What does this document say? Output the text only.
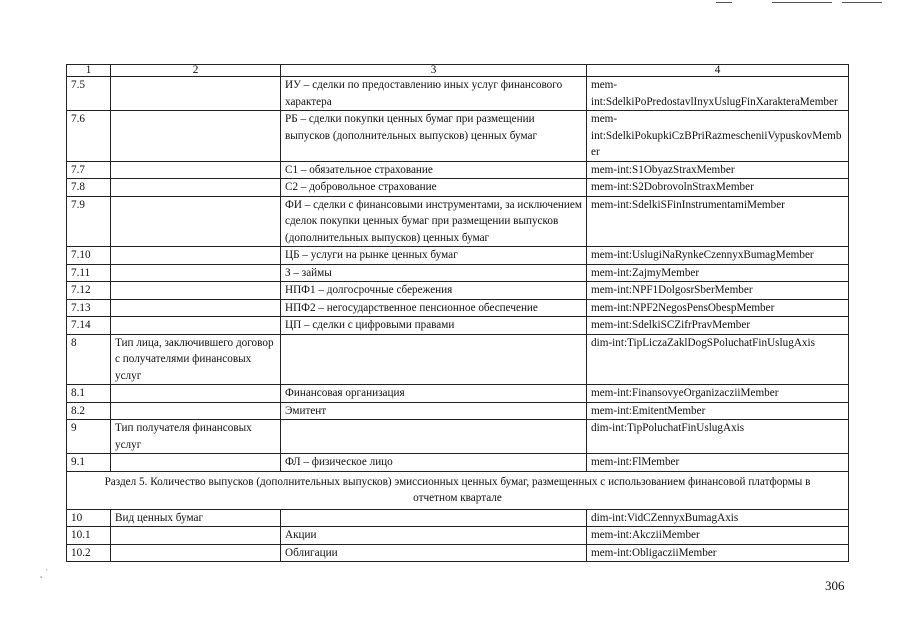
1	2	3	4
7.5		ИУ – сделки по предоставлению иных услуг финансового характера	mem-int:SdelkiPoPredostavlInyxUslugFinXarakteraMember
7.6		РБ – сделки покупки ценных бумаг при размещении выпусков (дополнительных выпусков) ценных бумаг	mem-int:SdelkiPokupkiCzBPriRazmescheniiVypuskovMember
7.7		С1 – обязательное страхование	mem-int:S1ObyazStraxMember
7.8		С2 – добровольное страхование	mem-int:S2DobrovolnStraxMember
7.9		ФИ – сделки с финансовыми инструментами, за исключением сделок покупки ценных бумаг при размещении выпусков (дополнительных выпусков) ценных бумаг	mem-int:SdelkiSFinInstrumentamiMember
7.10		ЦБ – услуги на рынке ценных бумаг	mem-int:UslugiNaRynkeCzennyxBumagMember
7.11		З – займы	mem-int:ZajmyMember
7.12		НПФ1 – долгосрочные сбережения	mem-int:NPF1DolgosrSberMember
7.13		НПФ2 – негосударственное пенсионное обеспечение	mem-int:NPF2NegosPensObespMember
7.14		ЦП – сделки с цифровыми правами	mem-int:SdelkiSCZifrPravMember
8	Тип лица, заключившего договор с получателями финансовых услуг		dim-int:TipLiczaZaklDogSPoluchatFinUslugAxis
8.1		Финансовая организация	mem-int:FinansovyeOrganizacziiMember
8.2		Эмитент	mem-int:EmitentMember
9	Тип получателя финансовых услуг		dim-int:TipPoluchatFinUslugAxis
9.1		ФЛ – физическое лицо	mem-int:FlMember
Раздел 5. Количество выпусков (дополнительных выпусков) эмиссионных ценных бумаг, размещенных с использованием финансовой платформы в отчетном квартале			
10	Вид ценных бумаг		dim-int:VidCZennyxBumagAxis
10.1		Акции	mem-int:AkcziiMember
10.2		Облигации	mem-int:ObligacziiMember
˛ ˙
306
